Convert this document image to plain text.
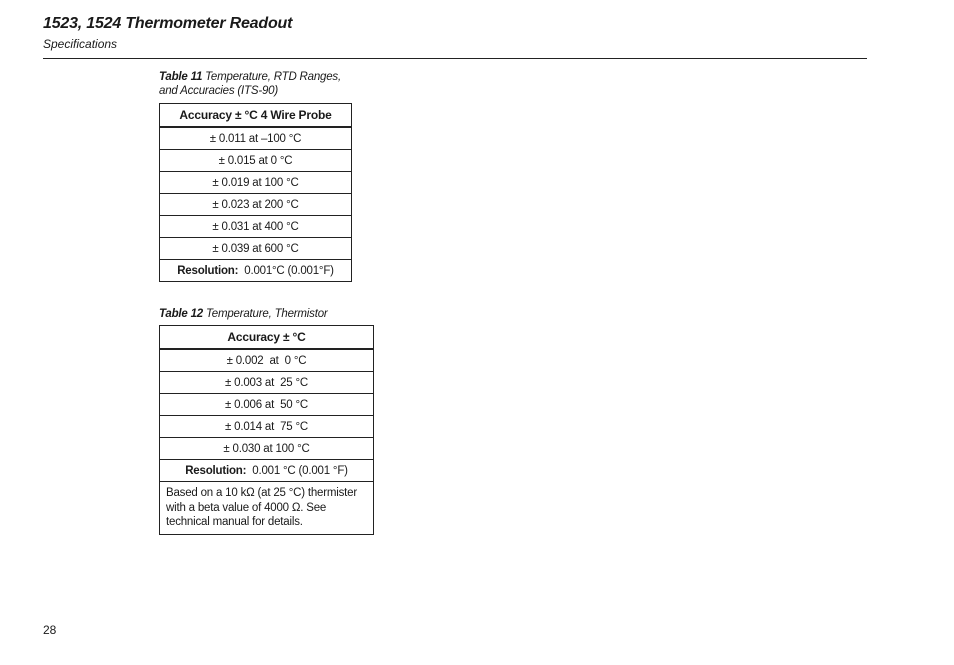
1523, 1524 Thermometer Readout
Specifications
Table 11 Temperature, RTD Ranges, and Accuracies (ITS-90)
Accuracy ± °C 4 Wire Probe
± 0.011 at –100 °C
± 0.015 at 0 °C
± 0.019 at 100 °C
± 0.023 at 200 °C
± 0.031 at 400 °C
± 0.039 at 600 °C
Resolution: 0.001°C (0.001°F)
Table 12 Temperature, Thermistor
Accuracy ± °C
± 0.002  at  0 °C
± 0.003 at  25 °C
± 0.006 at  50 °C
± 0.014 at  75 °C
± 0.030 at 100 °C
Resolution: 0.001 °C (0.001 °F)
Based on a 10 kΩ (at 25 °C) thermister with a beta value of 4000 Ω. See technical manual for details.
28
